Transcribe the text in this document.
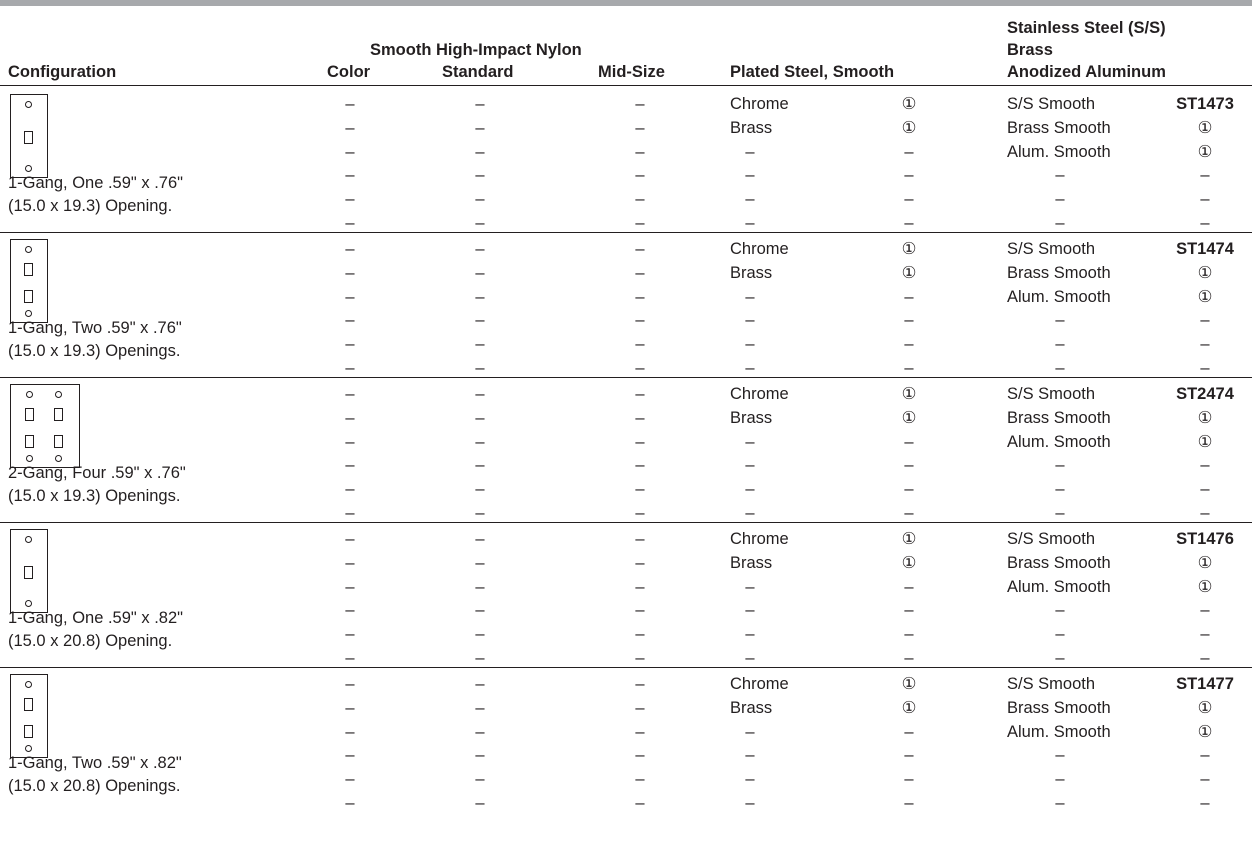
Configuration
Smooth High-Impact Nylon
Color	Standard	Mid-Size	Plated Steel, Smooth
Stainless Steel (S/S)
Brass
Anodized Aluminum
1-Gang, One .59" x .76"
(15.0 x 19.3) Opening.
–	–	–	Chrome	①	S/S Smooth	ST1473
–	–	–	Brass	①	Brass Smooth	①
–	–	–	–	–	Alum. Smooth	①
–	–	–	–	–	–	–
–	–	–	–	–	–	–
–	–	–	–	–	–	–
1-Gang, Two .59" x .76"
(15.0 x 19.3) Openings.
–	–	–	Chrome	①	S/S Smooth	ST1474
–	–	–	Brass	①	Brass Smooth	①
–	–	–	–	–	Alum. Smooth	①
–	–	–	–	–	–	–
–	–	–	–	–	–	–
–	–	–	–	–	–	–
2-Gang, Four .59" x .76"
(15.0 x 19.3) Openings.
–	–	–	Chrome	①	S/S Smooth	ST2474
–	–	–	Brass	①	Brass Smooth	①
–	–	–	–	–	Alum. Smooth	①
–	–	–	–	–	–	–
–	–	–	–	–	–	–
–	–	–	–	–	–	–
1-Gang, One .59" x .82"
(15.0 x 20.8) Opening.
–	–	–	Chrome	①	S/S Smooth	ST1476
–	–	–	Brass	①	Brass Smooth	①
–	–	–	–	–	Alum. Smooth	①
–	–	–	–	–	–	–
–	–	–	–	–	–	–
–	–	–	–	–	–	–
1-Gang, Two .59" x .82"
(15.0 x 20.8) Openings.
–	–	–	Chrome	①	S/S Smooth	ST1477
–	–	–	Brass	①	Brass Smooth	①
–	–	–	–	–	Alum. Smooth	①
–	–	–	–	–	–	–
–	–	–	–	–	–	–
–	–	–	–	–	–	–
